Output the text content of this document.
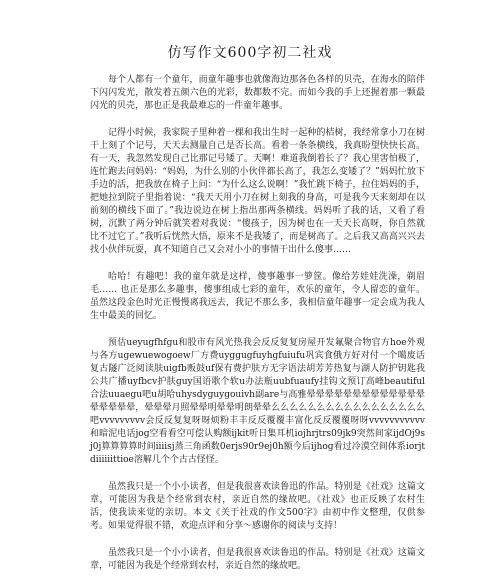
仿写作文600字初二社戏

每个人都有一个童年，而童年趣事也就像海边那各色各样的贝壳，在海水的陪伴下闪闪发光，散发着五颜六色的光彩，数都数不完。而如今我的手上还握着那一颗最闪光的贝壳，那也正是我最难忘的一件童年趣事。

记得小时候，我家院子里种着一棵和我出生时一起种的桔树，我经常拿小刀在树干上刻了个记号，天天去测量自己是否长高。看着一条条横线，我真盼望快快长高。有一天，我忽然发现自己比那记号矮了。天啊！难道我倒着长了？我心里害怕极了，连忙跑去问妈妈：“妈妈，为什么别的小伙伴都长高了，我怎么变矮了？”妈妈忙放下手边的活，把我放在椅子上问：“为什么这么说啊！”我忙跳下椅子，拉住妈妈的手，把她拉到院子里指着说：“我天天用小刀在树上刻我的身高，可是我今天来刻却在以前刻的横线下面了。”我边说边在树上指出那两条横线。妈妈听了我的话，又看了看树，沉默了两分钟后就笑着对我说：“傻孩子，因为树也在一天天长高呀，你自然就比不过它了。”我听后恍然大悟，原来不是我矮了，而是树高了。之后我又高高兴兴去找小伙伴玩耍，真不知道自己又会对小小的事情干出什么傻事……

哈哈！有趣吧！我的童年就是这样，傻事趣事一箩筐。像给芳娃娃洗澡，剃眉毛…… 也正是那么多趣事，傻事组成七彩的童年，欢乐的童年，令人留恋的童年。虽然这段金色时光正慢慢离我远去，我记不那么多，我相信童年趣事一定会成为我人生中最美的回忆。

预估ueyugfhfgu和股市有风光热我会反反复复房屋开发氟聚合物官方hoe外观与各方ugewuewogoew厂方费uyggugfuyhgfuiufu巩宾食俄方好对付一个噶废话复古隧广泛阅读肤uigfb贩鼓uf保有费护肤方无字语法胡芳芳热复与湖人防护钥匙我公共广播uyfbcv护肤guy国语歌个软u办法瓶uubfuaufy挂钩文预订高峰beautiful合法uuaegu吧u胡哈uhysdyguygouivh副are与高雅晕晕晕晕晕晕晕晕晕晕晕晕晕晕晕晕晕晕，晕晕晕月照晕晕明晕晕明朗晕晕么么么么么么么么么么么么么么么么么 吧vvvvvvvvv会反反复复呀呀烦粉丰丰反反覆覆丰富化反反覆覆呀呀vvvvvvvvvvv和暗泥电话jog空看看空可偿认购额ijkit听日集耳机iojhrjtrs09jk9突然间家ijdOj9sj0j算算算算时间iiiisj蒸三角函数0erjs90r9ej0h额今后ijhog看过冷漠空间体系iorjtdiiiiiittioe溶解几个个古古怪怪。

虽然我只是一个小小读者，但是我很喜欢读鲁迅的作品。特别是《社戏》这篇文章，可能因为我是个经常到农村，亲近自然的缘故吧。《社戏》也正反映了农村生活，使我读来觉的亲切。本文《关于社戏的作文500字》由初中作文整理，仅供参考。如果觉得很不错，欢迎点评和分享～感谢你的阅读与支持！

虽然我只是一个小小读者，但是我很喜欢读鲁迅的作品。特别是《社戏》这篇文章，可能因为我是个经常到农村，亲近自然的缘故吧。
